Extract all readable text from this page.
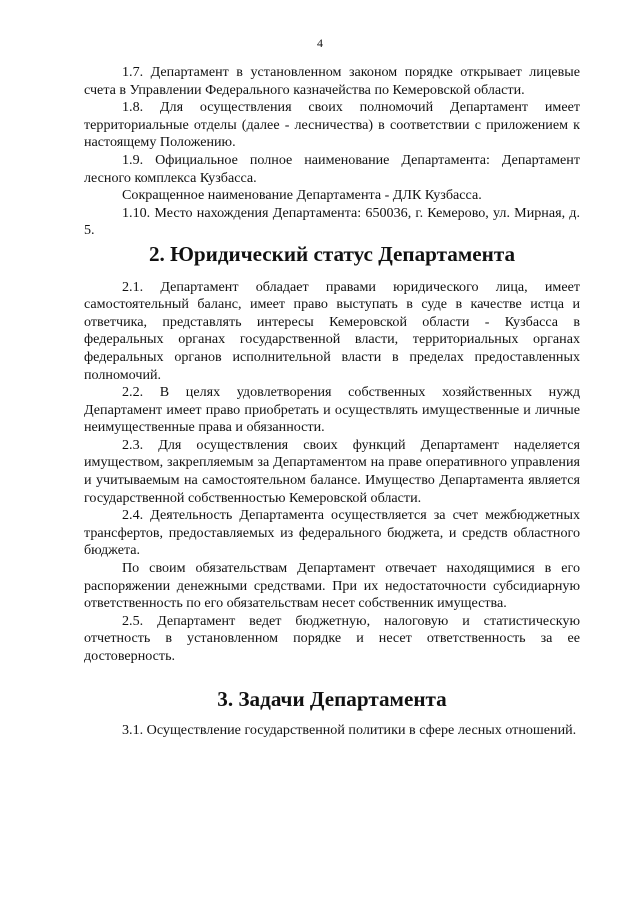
4

1.7. Департамент в установленном законом порядке открывает лицевые счета в Управлении Федерального казначейства по Кемеровской области.

1.8. Для осуществления своих полномочий Департамент имеет территориальные отделы (далее - лесничества) в соответствии с приложением к настоящему Положению.

1.9. Официальное полное наименование Департамента: Департамент лесного комплекса Кузбасса.

Сокращенное наименование Департамента - ДЛК Кузбасса.

1.10. Место нахождения Департамента: 650036, г. Кемерово, ул. Мирная, д. 5.

2. Юридический статус Департамента

2.1. Департамент обладает правами юридического лица, имеет самостоятельный баланс, имеет право выступать в суде в качестве истца и ответчика, представлять интересы Кемеровской области - Кузбасса в федеральных органах государственной власти, территориальных органах федеральных органов исполнительной власти в пределах предоставленных полномочий.

2.2. В целях удовлетворения собственных хозяйственных нужд Департамент имеет право приобретать и осуществлять имущественные и личные неимущественные права и обязанности.

2.3. Для осуществления своих функций Департамент наделяется имуществом, закрепляемым за Департаментом на праве оперативного управления и учитываемым на самостоятельном балансе. Имущество Департамента является государственной собственностью Кемеровской области.

2.4. Деятельность Департамента осуществляется за счет межбюджетных трансфертов, предоставляемых из федерального бюджета, и средств областного бюджета.

По своим обязательствам Департамент отвечает находящимися в его распоряжении денежными средствами. При их недостаточности субсидиарную ответственность по его обязательствам несет собственник имущества.

2.5. Департамент ведет бюджетную, налоговую и статистическую отчетность в установленном порядке и несет ответственность за ее достоверность.

3. Задачи Департамента

3.1. Осуществление государственной политики в сфере лесных отношений.
